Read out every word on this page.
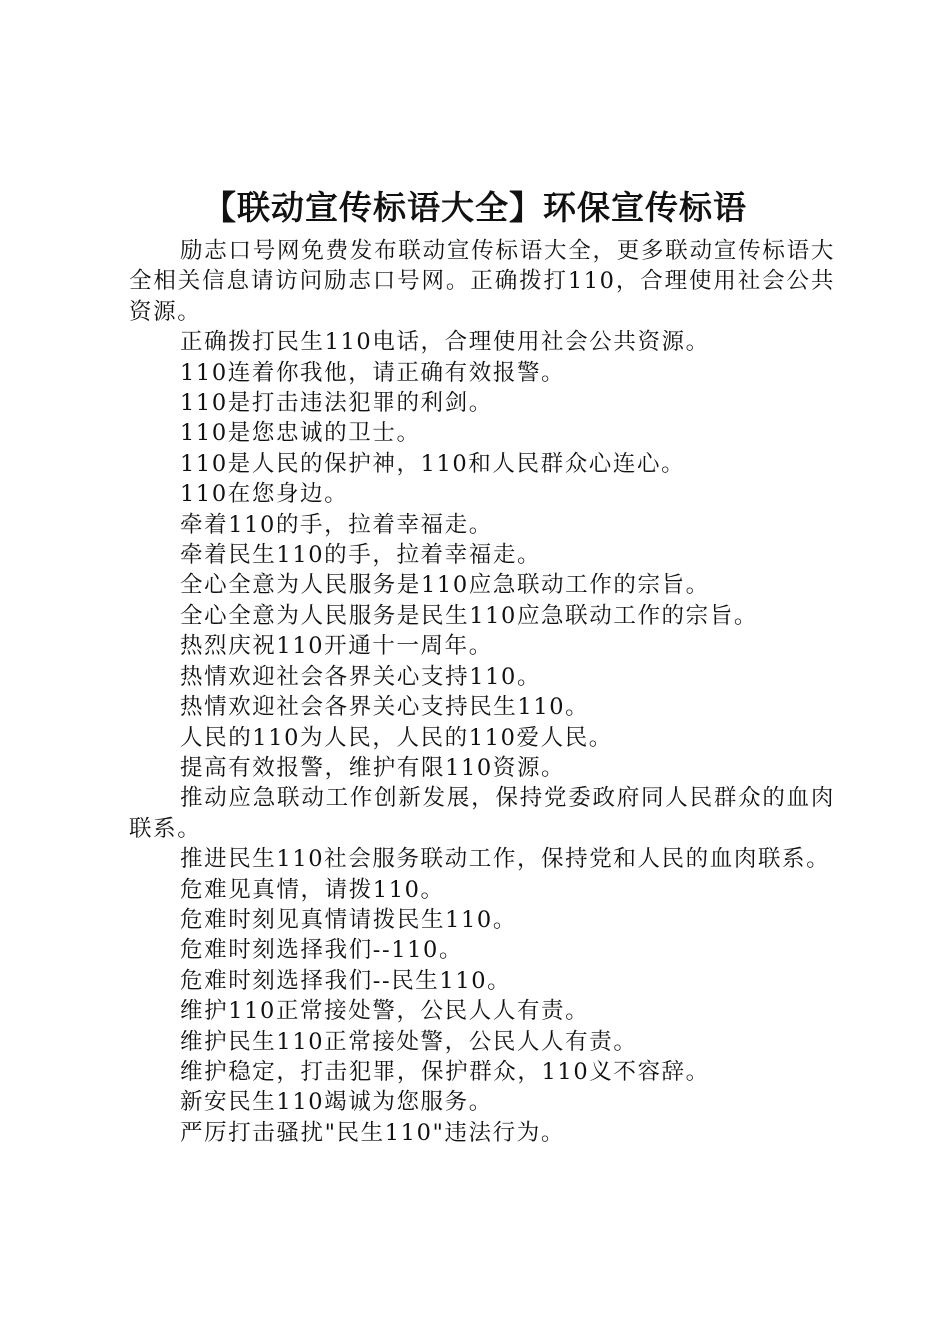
【联动宣传标语大全】环保宣传标语

励志口号网免费发布联动宣传标语大全，更多联动宣传标语大全相关信息请访问励志口号网。正确拨打110，合理使用社会公共资源。

正确拨打民生110电话，合理使用社会公共资源。

110连着你我他，请正确有效报警。

110是打击违法犯罪的利剑。

110是您忠诚的卫士。

110是人民的保护神，110和人民群众心连心。

110在您身边。

牵着110的手，拉着幸福走。

牵着民生110的手，拉着幸福走。

全心全意为人民服务是110应急联动工作的宗旨。

全心全意为人民服务是民生110应急联动工作的宗旨。

热烈庆祝110开通十一周年。

热情欢迎社会各界关心支持110。

热情欢迎社会各界关心支持民生110。

人民的110为人民，人民的110爱人民。

提高有效报警，维护有限110资源。

推动应急联动工作创新发展，保持党委政府同人民群众的血肉联系。

推进民生110社会服务联动工作，保持党和人民的血肉联系。

危难见真情，请拨110。

危难时刻见真情请拨民生110。

危难时刻选择我们--110。

危难时刻选择我们--民生110。

维护110正常接处警，公民人人有责。

维护民生110正常接处警，公民人人有责。

维护稳定，打击犯罪，保护群众，110义不容辞。

新安民生110竭诚为您服务。

严厉打击骚扰"民生110"违法行为。
